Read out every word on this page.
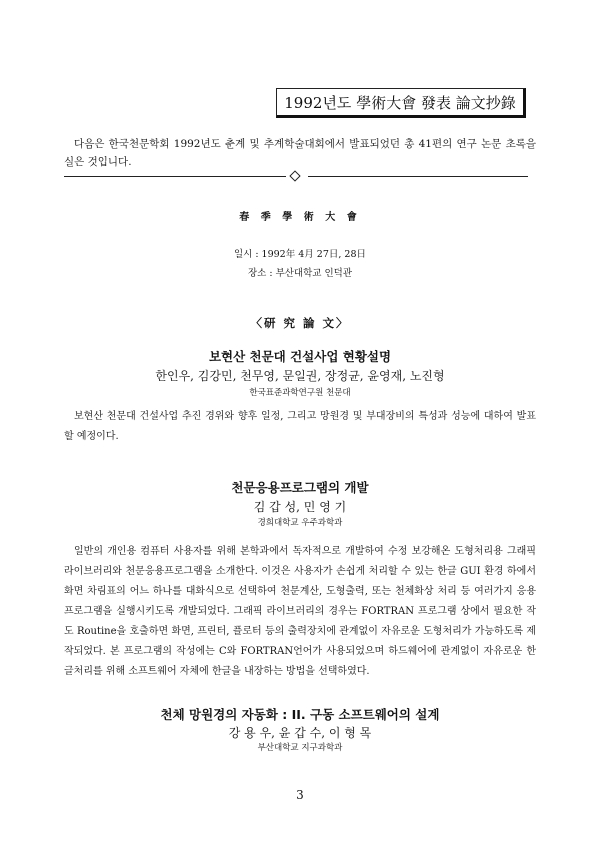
1992년도 學術大會 發表 論文抄錄
다음은 한국천문학회 1992년도 춘계 및 추계학술대회에서 발표되었던 총 41편의 연구 논문 초록을 실은 것입니다.
春 季 學 術 大 會
일시 : 1992年 4月 27日, 28日
장소 : 부산대학교 인덕관
〈研 究 論 文〉
보현산 천문대 건설사업 현황설명
한인우, 김강민, 천무영, 문일권, 장정균, 윤영재, 노진형
한국표준과학연구원 천문대
보현산 천문대 건설사업 추진 경위와 향후 일정, 그리고 망원경 및 부대장비의 특성과 성능에 대하여 발표할 예정이다.
천문응용프로그램의 개발
김 갑 성, 민 영 기
경희대학교 우주과학과
일반의 개인용 컴퓨터 사용자를 위해 본학과에서 독자적으로 개발하여 수정 보강해온 도형처리용 그래픽 라이브러리와 천문응용프로그램을 소개한다. 이것은 사용자가 손쉽게 처리할 수 있는 한글 GUI 환경 하에서 화면 차림표의 어느 하나를 대화식으로 선택하여 천문계산, 도형출력, 또는 천체화상 처리 등 여러가지 응용 프로그램을 실행시키도록 개발되었다. 그래픽 라이브러리의 경우는 FORTRAN 프로그램 상에서 필요한 작도 Routine을 호출하면 화면, 프린터, 플로터 등의 출력장치에 관계없이 자유로운 도형처리가 가능하도록 제작되었다. 본 프로그램의 작성에는 C와 FORTRAN언어가 사용되었으며 하드웨어에 관계없이 자유로운 한글처리를 위해 소프트웨어 자체에 한글을 내장하는 방법을 선택하였다.
천체 망원경의 자동화 : II. 구동 소프트웨어의 설계
강 용 우, 윤 갑 수, 이 형 목
부산대학교 지구과학과
3
